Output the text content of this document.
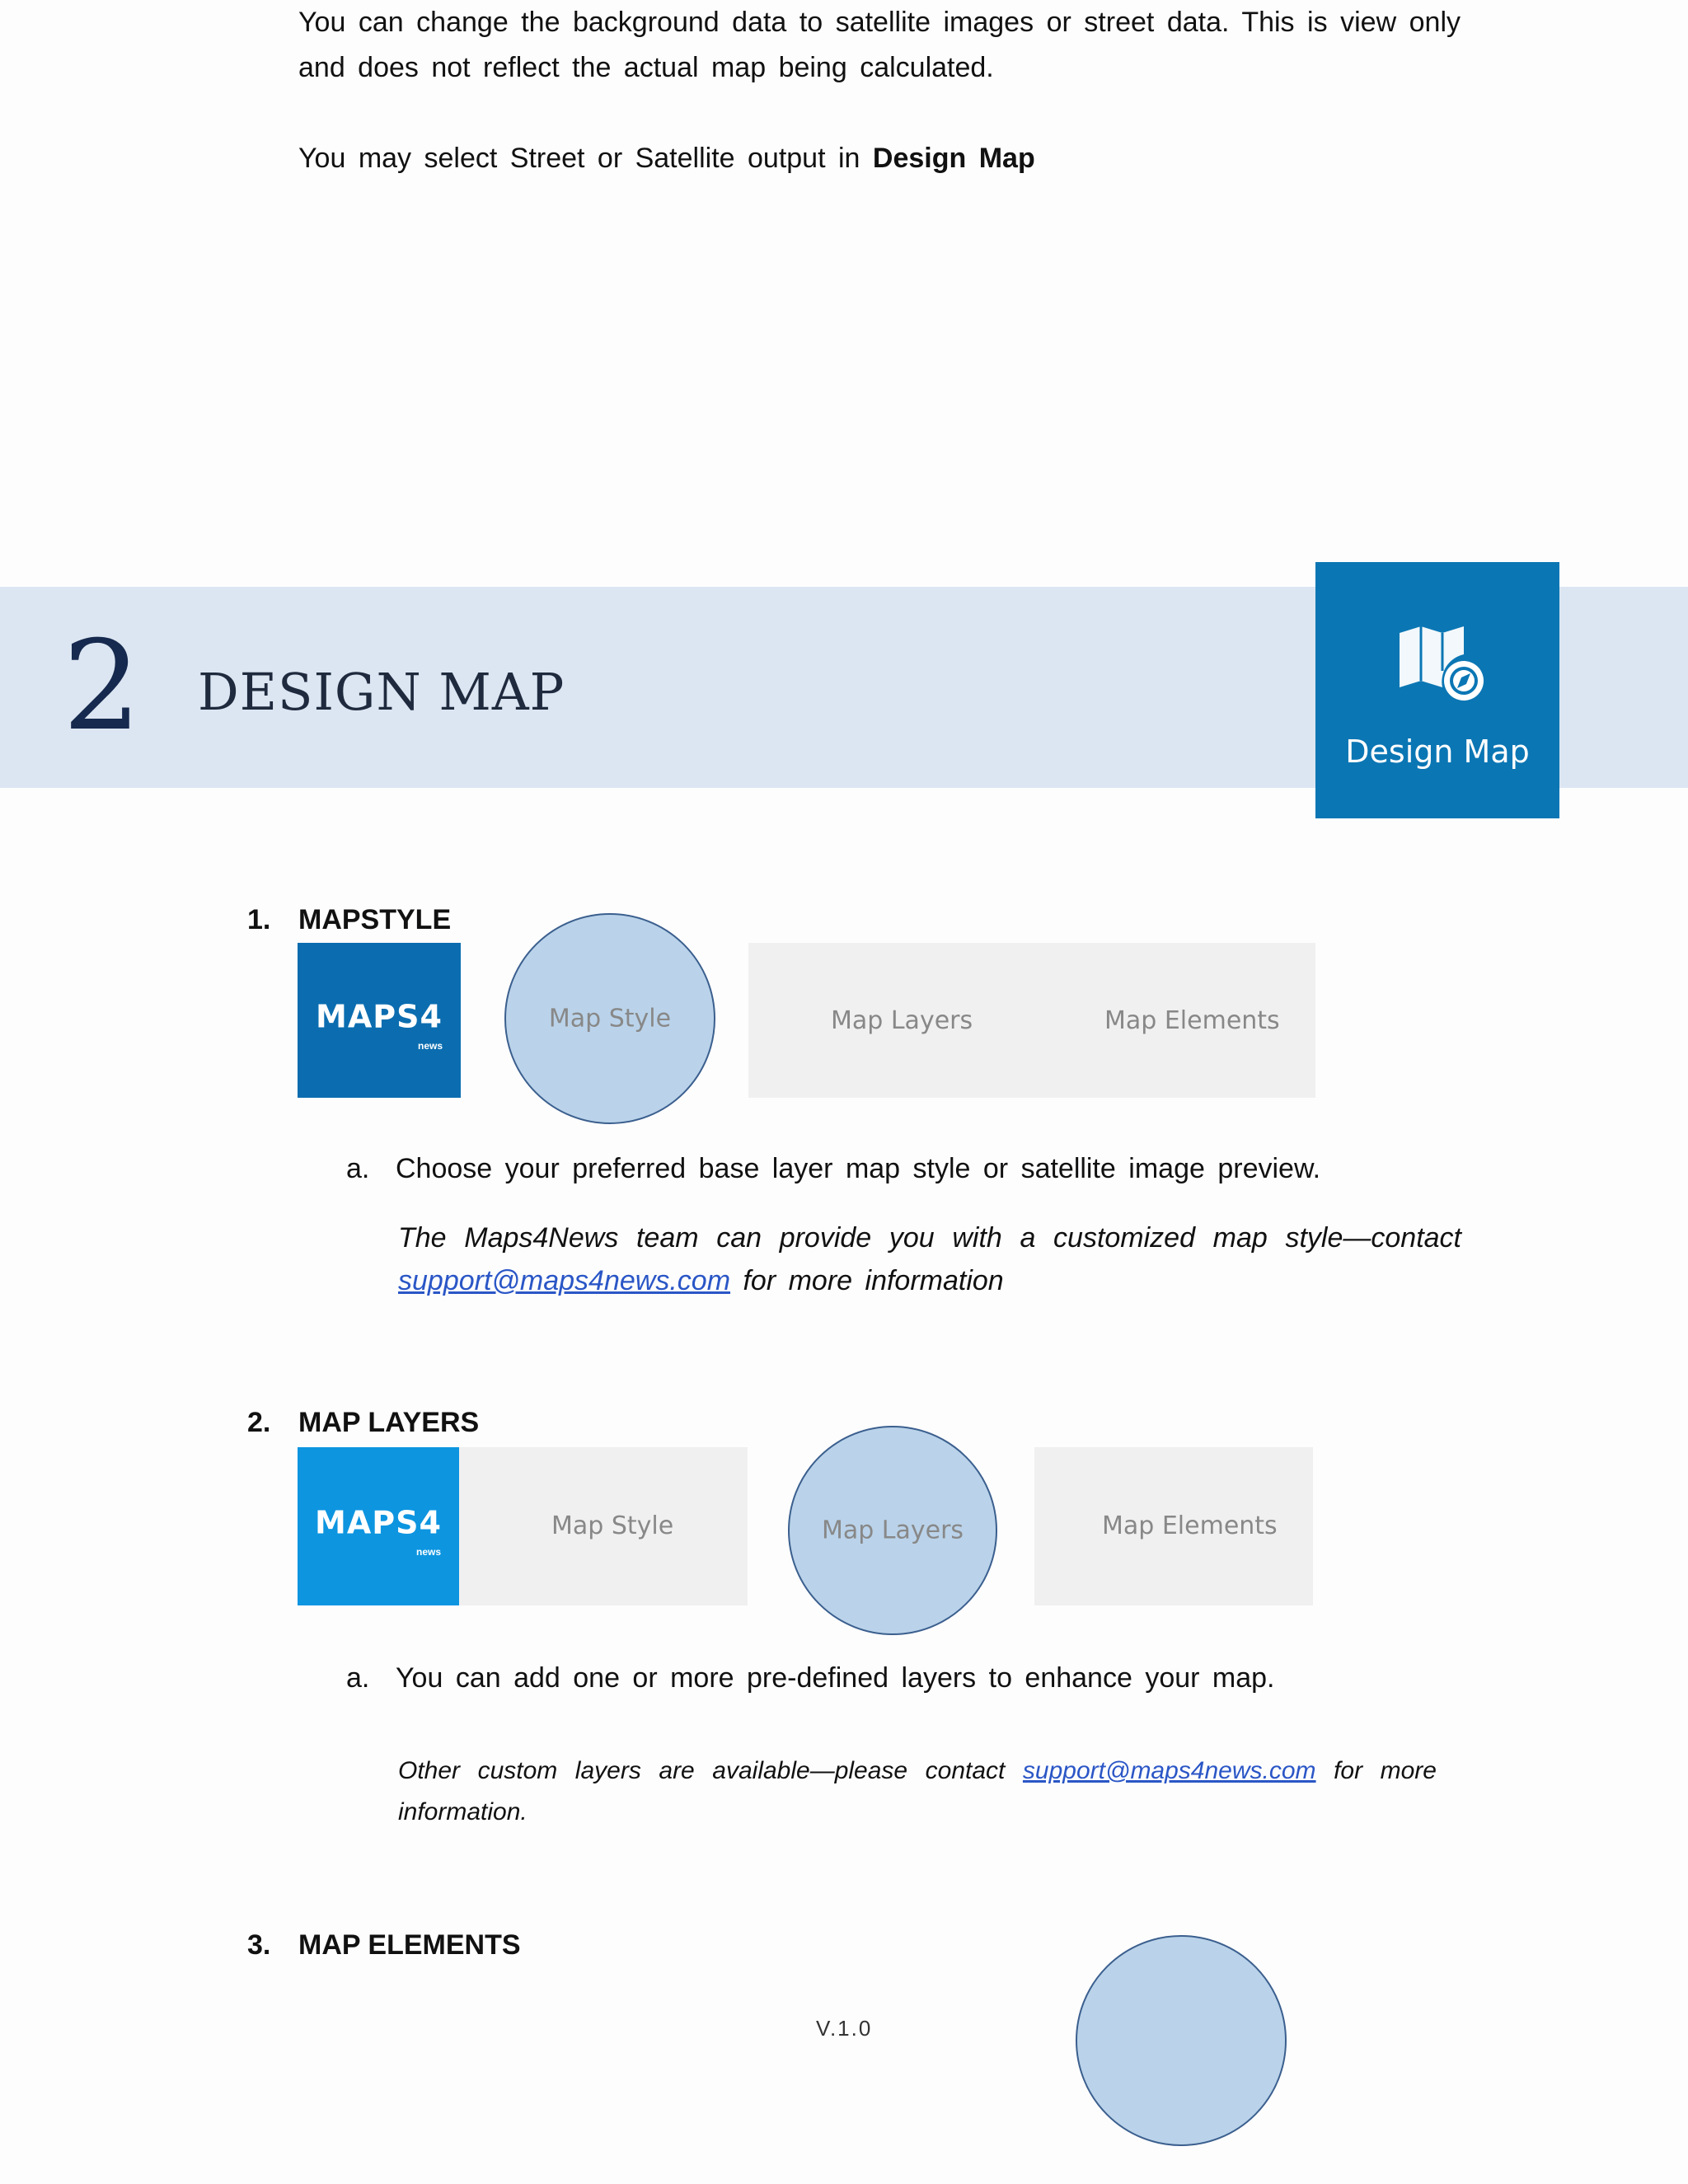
You can change the background data to satellite images or street data. This is view only and does not reflect the actual map being calculated.
You may select Street or Satellite output in Design Map
2 DESIGN MAP
Design Map
1. MAPSTYLE
MAPS4
news
Map Style	Map Layers	Map Elements
a. Choose your preferred base layer map style or satellite image preview.
The Maps4News team can provide you with a customized map style—contact support@maps4news.com for more information
2. MAP LAYERS
MAPS4
news
Map Style	Map Elements
Map Layers
a. You can add one or more pre-defined layers to enhance your map.
Other custom layers are available—please contact support@maps4news.com for more information.
3. MAP ELEMENTS
V.1.0
